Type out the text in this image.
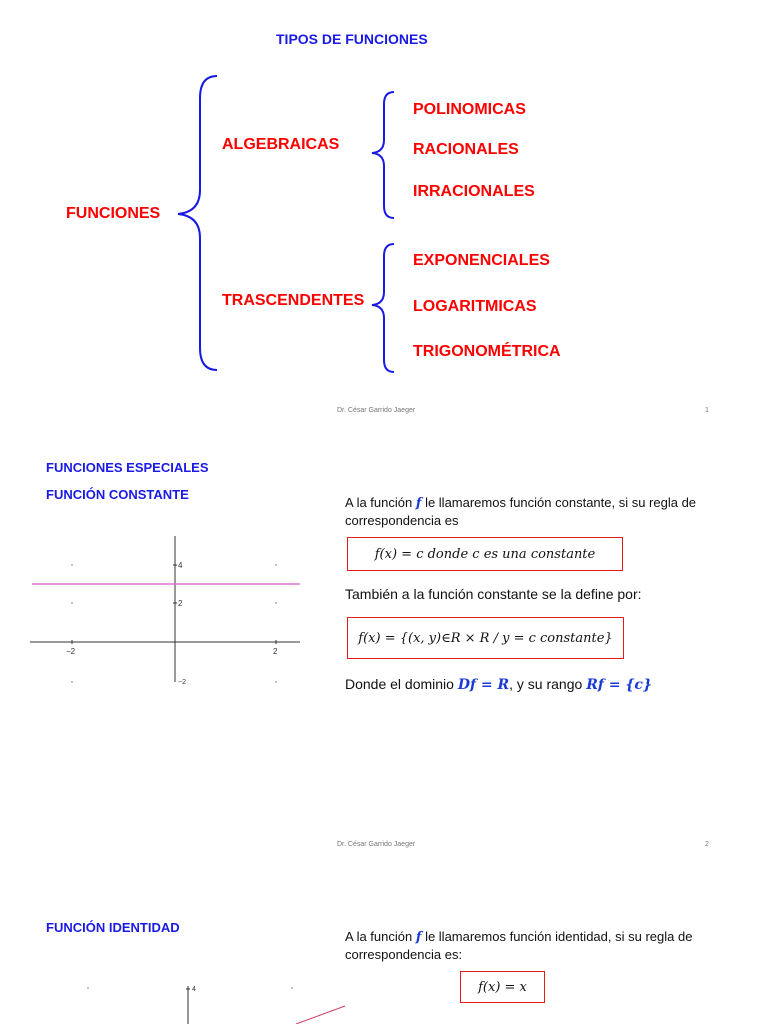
TIPOS DE FUNCIONES
FUNCIONES
ALGEBRAICAS
TRASCENDENTES
POLINOMICAS
RACIONALES
IRRACIONALES
EXPONENCIALES
LOGARITMICAS
TRIGONOMÉTRICA
Dr. César Garrido Jaeger	1
FUNCIONES ESPECIALES
FUNCIÓN CONSTANTE
−2	2
4
2
−2
A la función f le llamaremos función constante, si su regla de
correspondencia es
f(x) = c donde c es una constante
También a la función constante se la define por:
f(x) = {(x, y)∈R × R / y = c constante}
Donde el dominio Df = R, y su rango Rf = {c}
Dr. César Garrido Jaeger	2
FUNCIÓN IDENTIDAD
A la función f le llamaremos función identidad, si su regla de
correspondencia es:
f(x) = x
4
